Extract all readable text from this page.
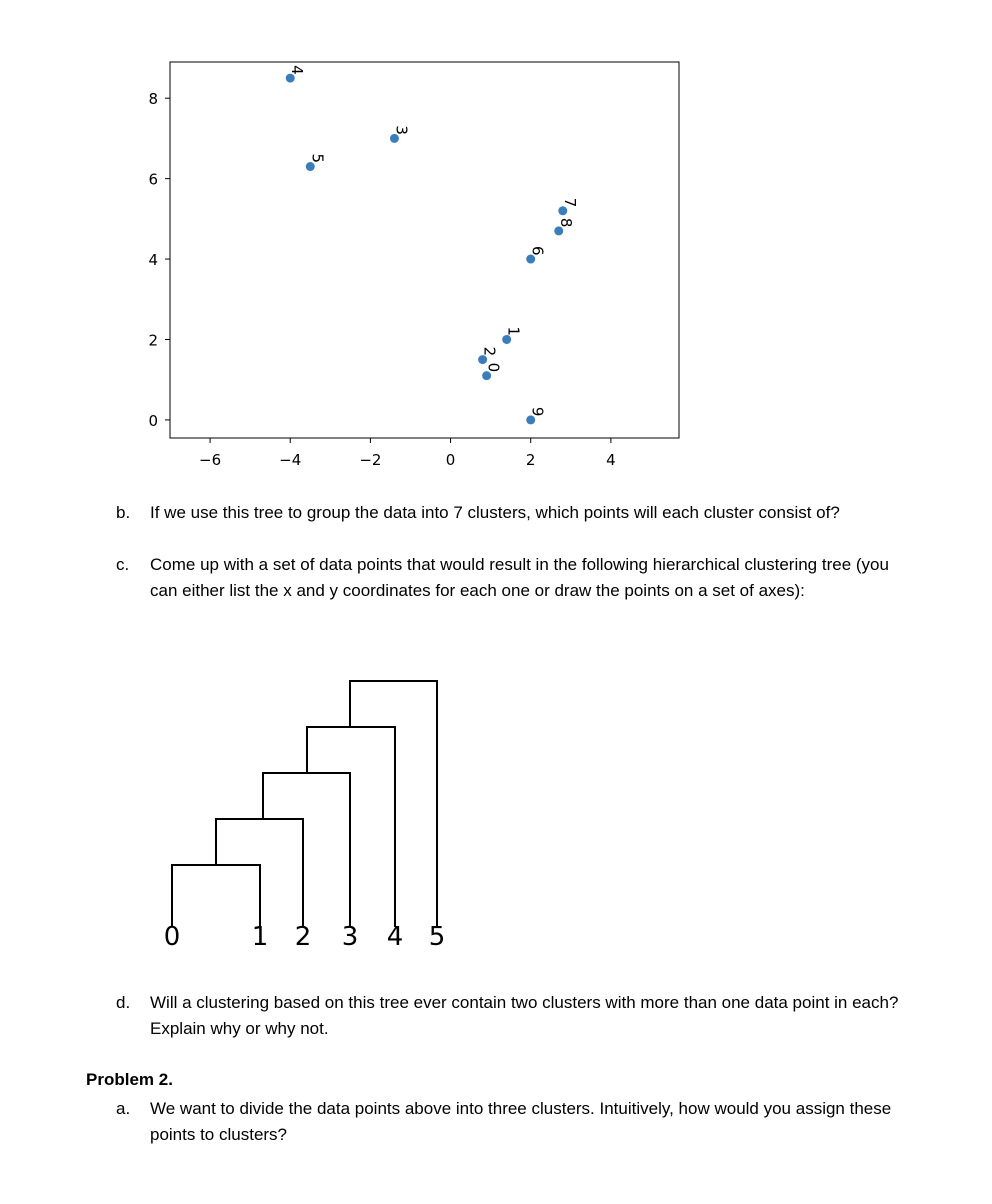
−6	−4	−2	0	2	4
0
2
4
6
8
0
1
2
3
4
5
6
7
8
9
b. If we use this tree to group the data into 7 clusters, which points will each cluster consist of?
c. Come up with a set of data points that would result in the following hierarchical clustering tree (you can either list the x and y coordinates for each one or draw the points on a set of axes):
0	1 2 3 4 5
d. Will a clustering based on this tree ever contain two clusters with more than one data point in each? Explain why or why not.
Problem 2.
a. We want to divide the data points above into three clusters. Intuitively, how would you assign these points to clusters?
